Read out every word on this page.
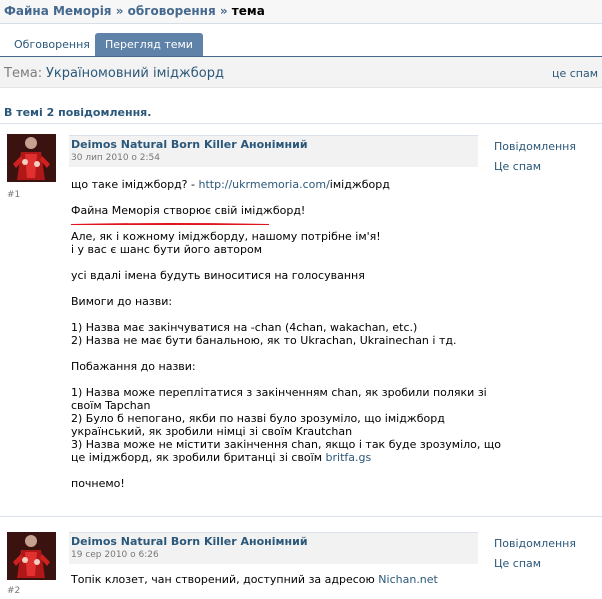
Файна Меморія » обговорення » тема
Обговорення	Перегляд теми
Тема: Україномовний іміджборд	це спам
В темі 2 повідомлення.
#1
Deimos Natural Born Killer Анонімний
30 лип 2010 о 2:54
Повідомлення
Це спам
що таке іміджборд? - http://ukrmemoria.com/іміджборд
Файна Меморія створює свій іміджборд!
Але, як і кожному іміджборду, нашому потрібне ім'я!
і у вас є шанс бути його автором
усі вдалі імена будуть виноситися на голосування
Вимоги до назви:
1) Назва має закінчуватися на -chan (4chan, wakachan, etc.)
2) Назва не має бути банальною, як то Ukrachan, Ukrainechan і тд.
Побажання до назви:
1) Назва може переплітатися з закінченням chan, як зробили поляки зі
своїм Tapchan
2) Було б непогано, якби по назві було зрозуміло, що іміджборд
український, як зробили німці зі своїм Krautchan
3) Назва може не містити закінчення chan, якщо і так буде зрозуміло, що
це іміджборд, як зробили британці зі своїм britfa.gs
почнемо!
#2
Deimos Natural Born Killer Анонімний
19 сер 2010 о 6:26
Повідомлення
Це спам
Топік клозет, чан створений, доступний за адресою Nichan.net
